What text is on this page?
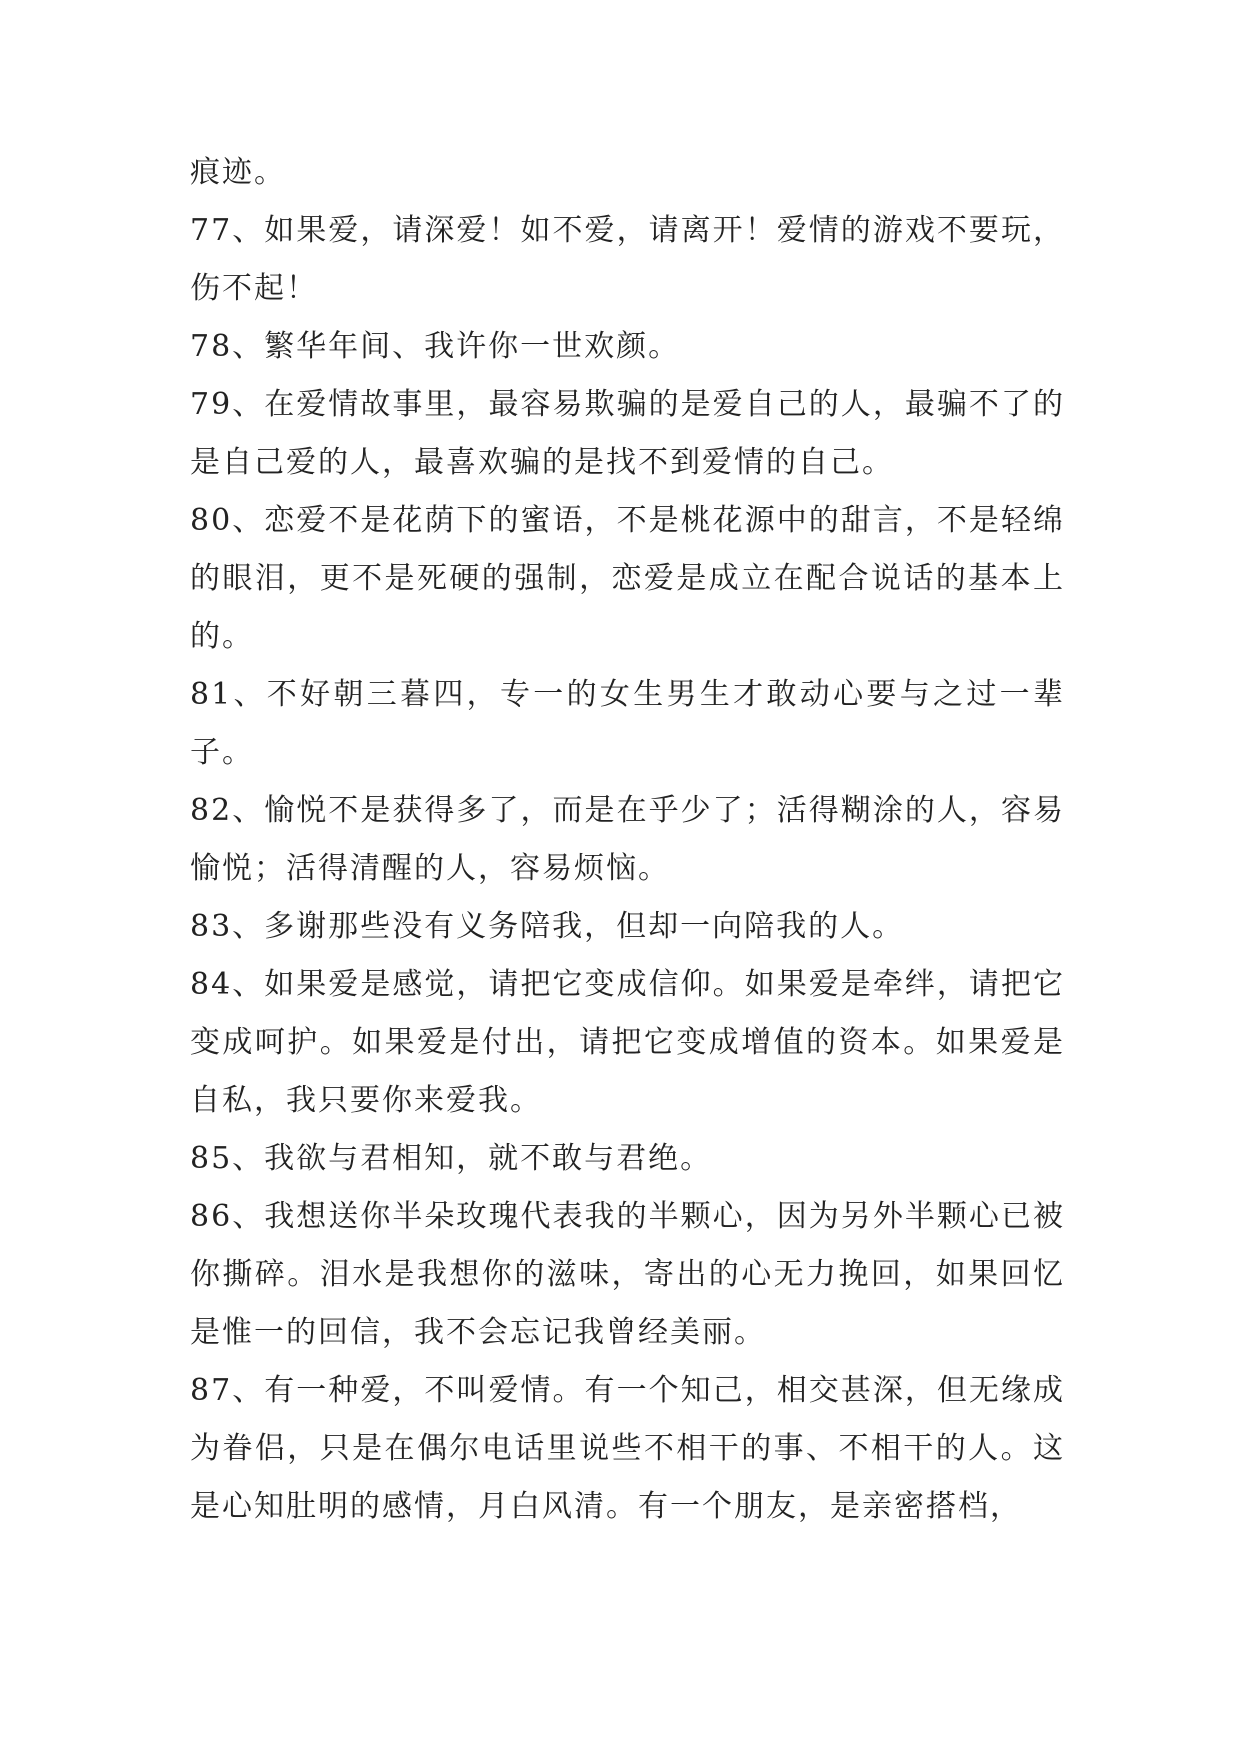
痕迹。

77、如果爱，请深爱！如不爱，请离开！爱情的游戏不要玩，伤不起！

78、繁华年间、我许你一世欢颜。

79、在爱情故事里，最容易欺骗的是爱自己的人，最骗不了的是自己爱的人，最喜欢骗的是找不到爱情的自己。

80、恋爱不是花荫下的蜜语，不是桃花源中的甜言，不是轻绵的眼泪，更不是死硬的强制，恋爱是成立在配合说话的基本上的。

81、不好朝三暮四，专一的女生男生才敢动心要与之过一辈子。

82、愉悦不是获得多了，而是在乎少了；活得糊涂的人，容易愉悦；活得清醒的人，容易烦恼。

83、多谢那些没有义务陪我，但却一向陪我的人。

84、如果爱是感觉，请把它变成信仰。如果爱是牵绊，请把它变成呵护。如果爱是付出，请把它变成增值的资本。如果爱是自私，我只要你来爱我。

85、我欲与君相知，就不敢与君绝。

86、我想送你半朵玫瑰代表我的半颗心，因为另外半颗心已被你撕碎。泪水是我想你的滋味，寄出的心无力挽回，如果回忆是惟一的回信，我不会忘记我曾经美丽。

87、有一种爱，不叫爱情。有一个知己，相交甚深，但无缘成为眷侣，只是在偶尔电话里说些不相干的事、不相干的人。这是心知肚明的感情，月白风清。有一个朋友，是亲密搭档，
